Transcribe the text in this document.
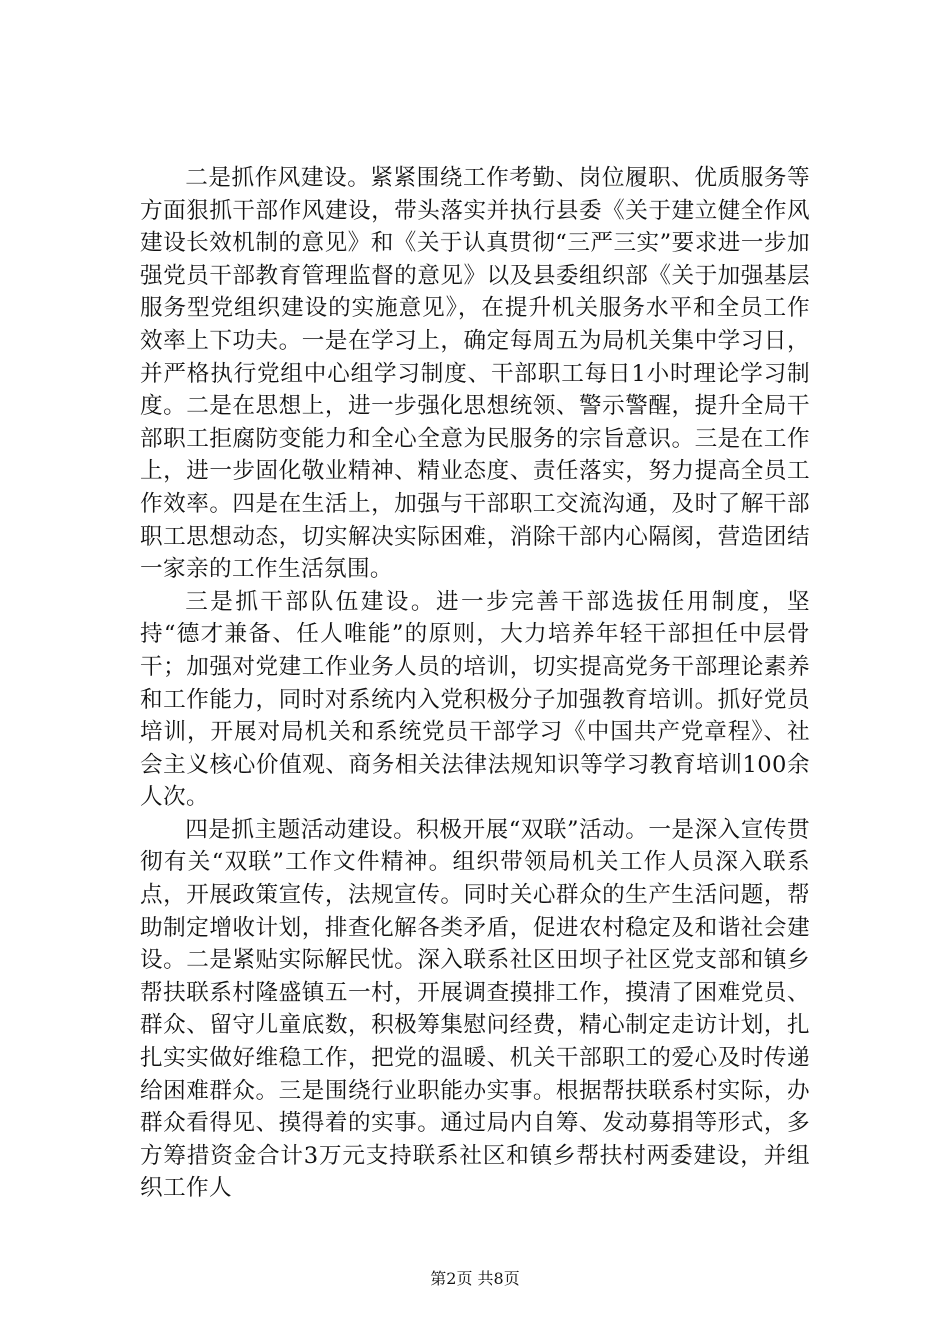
二是抓作风建设。紧紧围绕工作考勤、岗位履职、优质服务等方面狠抓干部作风建设，带头落实并执行县委《关于建立健全作风建设长效机制的意见》和《关于认真贯彻“三严三实”要求进一步加强党员干部教育管理监督的意见》以及县委组织部《关于加强基层服务型党组织建设的实施意见》，在提升机关服务水平和全员工作效率上下功夫。一是在学习上，确定每周五为局机关集中学习日，并严格执行党组中心组学习制度、干部职工每日1小时理论学习制度。二是在思想上，进一步强化思想统领、警示警醒，提升全局干部职工拒腐防变能力和全心全意为民服务的宗旨意识。三是在工作上，进一步固化敬业精神、精业态度、责任落实，努力提高全员工作效率。四是在生活上，加强与干部职工交流沟通，及时了解干部职工思想动态，切实解决实际困难，消除干部内心隔阂，营造团结一家亲的工作生活氛围。

三是抓干部队伍建设。进一步完善干部选拔任用制度，坚持“德才兼备、任人唯能”的原则，大力培养年轻干部担任中层骨干；加强对党建工作业务人员的培训，切实提高党务干部理论素养和工作能力，同时对系统内入党积极分子加强教育培训。抓好党员培训，开展对局机关和系统党员干部学习《中国共产党章程》、社会主义核心价值观、商务相关法律法规知识等学习教育培训100余人次。

四是抓主题活动建设。积极开展“双联”活动。一是深入宣传贯彻有关“双联”工作文件精神。组织带领局机关工作人员深入联系点，开展政策宣传，法规宣传。同时关心群众的生产生活问题，帮助制定增收计划，排查化解各类矛盾，促进农村稳定及和谐社会建设。二是紧贴实际解民忧。深入联系社区田坝子社区党支部和镇乡帮扶联系村隆盛镇五一村，开展调查摸排工作，摸清了困难党员、群众、留守儿童底数，积极筹集慰问经费，精心制定走访计划，扎扎实实做好维稳工作，把党的温暖、机关干部职工的爱心及时传递给困难群众。三是围绕行业职能办实事。根据帮扶联系村实际，办群众看得见、摸得着的实事。通过局内自筹、发动募捐等形式，多方筹措资金合计3万元支持联系社区和镇乡帮扶村两委建设，并组织工作人

第2页 共8页
